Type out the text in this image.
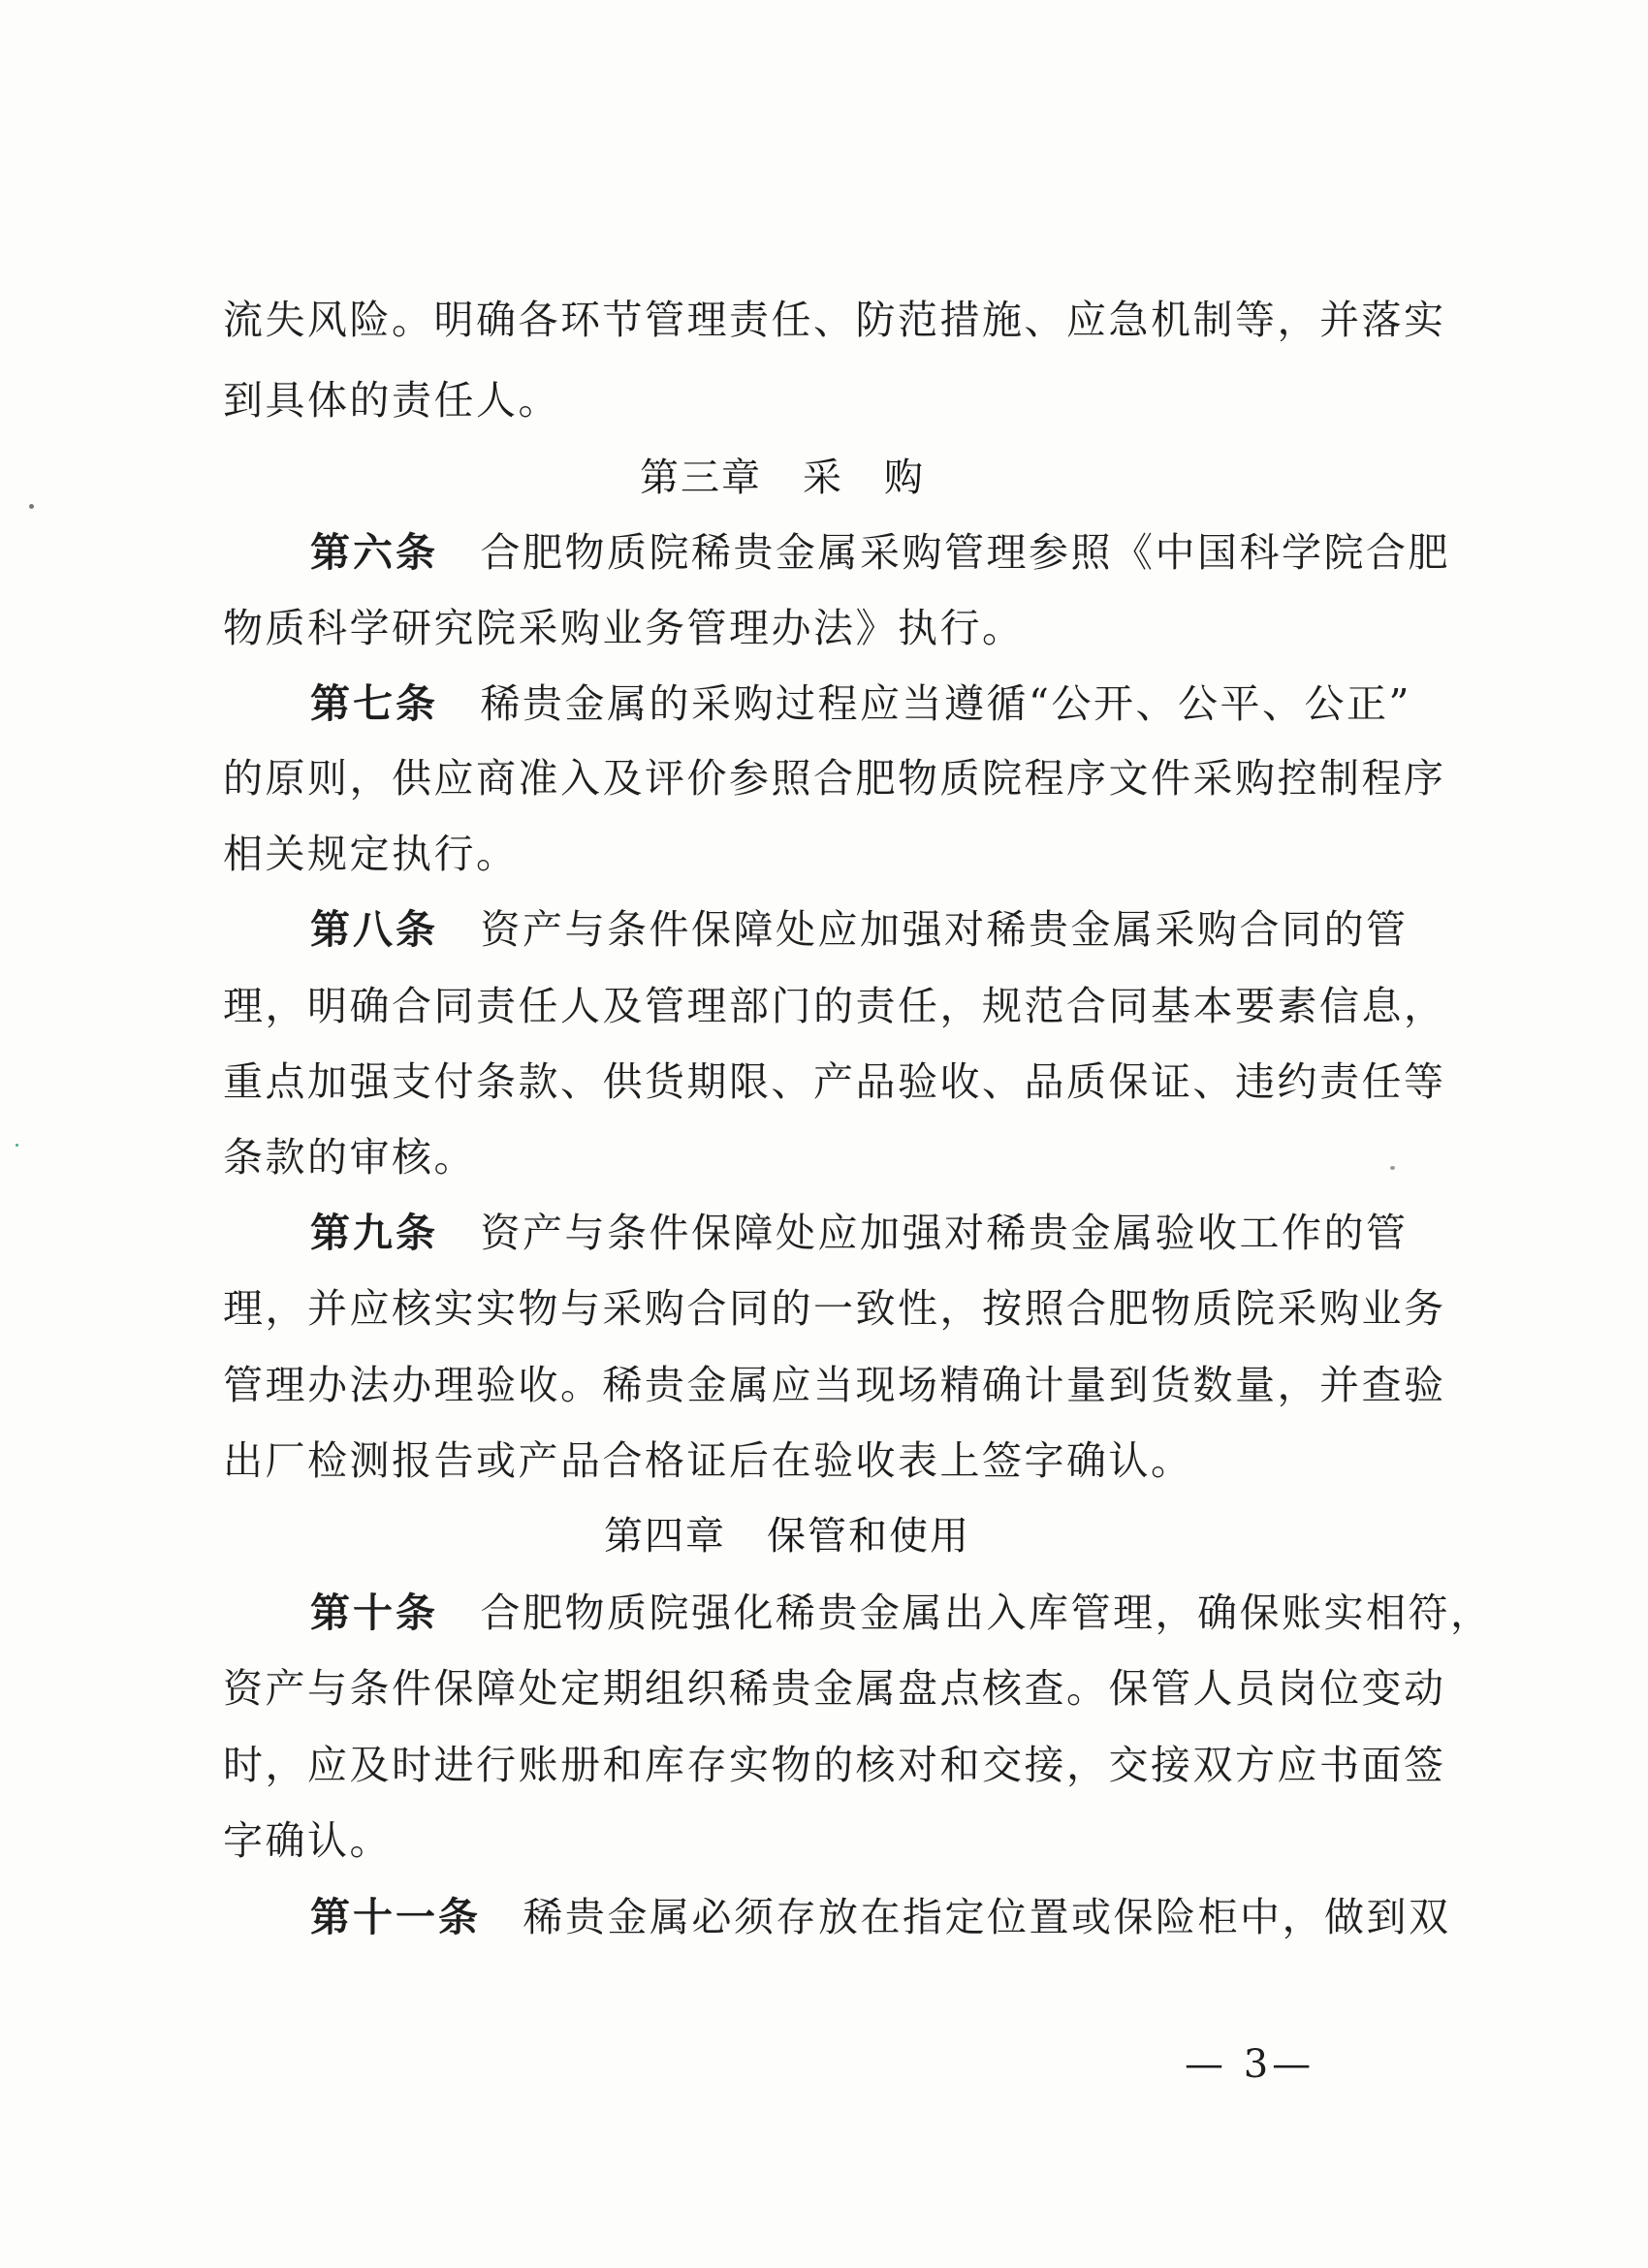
流失风险。明确各环节管理责任、防范措施、应急机制等，并落实
到具体的责任人。
第三章　采　购
第六条  合肥物质院稀贵金属采购管理参照《中国科学院合肥
物质科学研究院采购业务管理办法》执行。
第七条  稀贵金属的采购过程应当遵循“公开、公平、公正”
的原则，供应商准入及评价参照合肥物质院程序文件采购控制程序
相关规定执行。
第八条  资产与条件保障处应加强对稀贵金属采购合同的管
理，明确合同责任人及管理部门的责任，规范合同基本要素信息，
重点加强支付条款、供货期限、产品验收、品质保证、违约责任等
条款的审核。
第九条  资产与条件保障处应加强对稀贵金属验收工作的管
理，并应核实实物与采购合同的一致性，按照合肥物质院采购业务
管理办法办理验收。稀贵金属应当现场精确计量到货数量，并查验
出厂检测报告或产品合格证后在验收表上签字确认。
第四章　保管和使用
第十条  合肥物质院强化稀贵金属出入库管理，确保账实相符，
资产与条件保障处定期组织稀贵金属盘点核查。保管人员岗位变动
时，应及时进行账册和库存实物的核对和交接，交接双方应书面签
字确认。
第十一条  稀贵金属必须存放在指定位置或保险柜中，做到双
— 3—
